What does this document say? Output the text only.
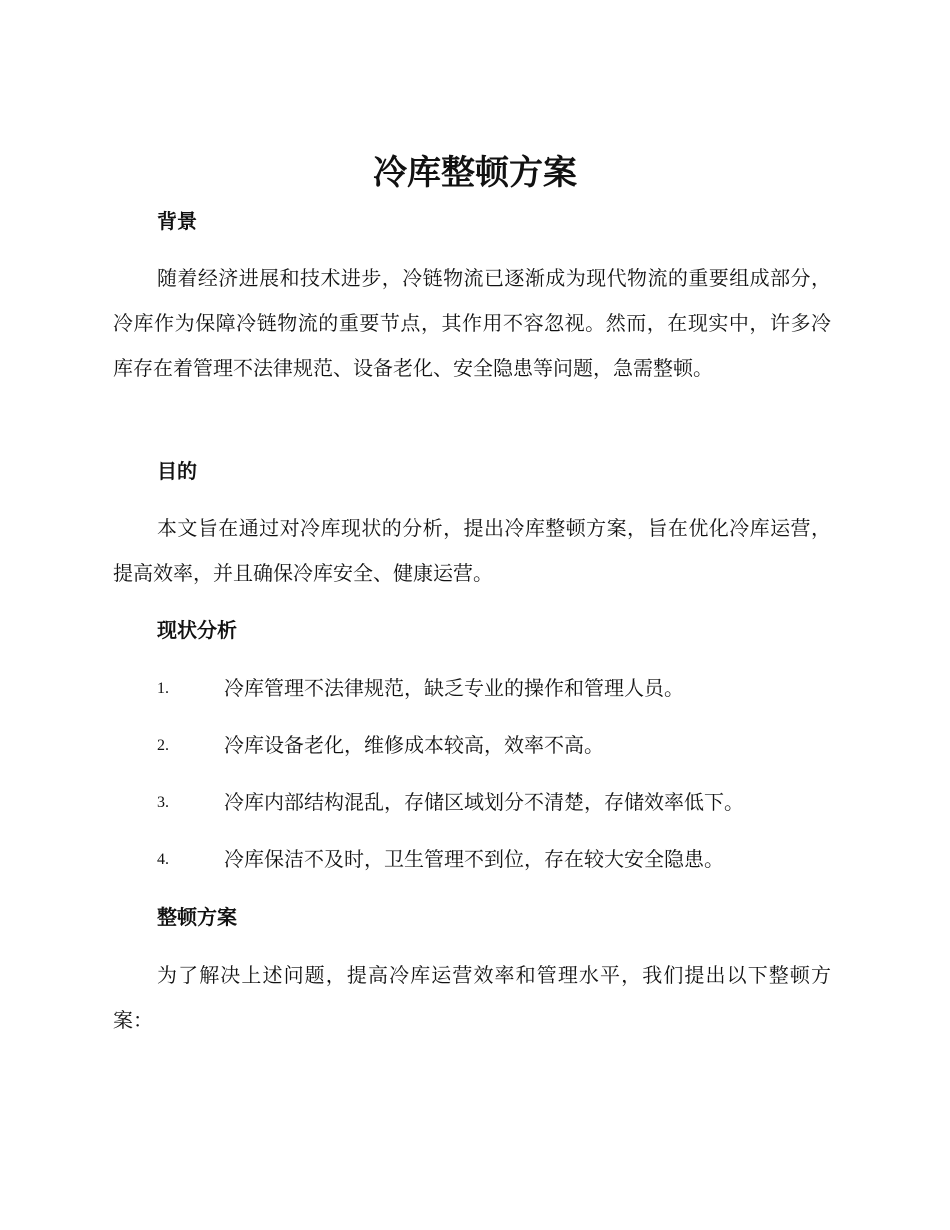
冷库整顿方案
背景

随着经济进展和技术进步，冷链物流已逐渐成为现代物流的重要组成部分，冷库作为保障冷链物流的重要节点，其作用不容忽视。然而，在现实中，许多冷库存在着管理不法律规范、设备老化、安全隐患等问题，急需整顿。

目的

本文旨在通过对冷库现状的分析，提出冷库整顿方案，旨在优化冷库运营，提高效率，并且确保冷库安全、健康运营。

现状分析
1.	冷库管理不法律规范，缺乏专业的操作和管理人员。
2.	冷库设备老化，维修成本较高，效率不高。
3.	冷库内部结构混乱，存储区域划分不清楚，存储效率低下。
4.	冷库保洁不及时，卫生管理不到位，存在较大安全隐患。
整顿方案

为了解决上述问题，提高冷库运营效率和管理水平，我们提出以下整顿方案：
